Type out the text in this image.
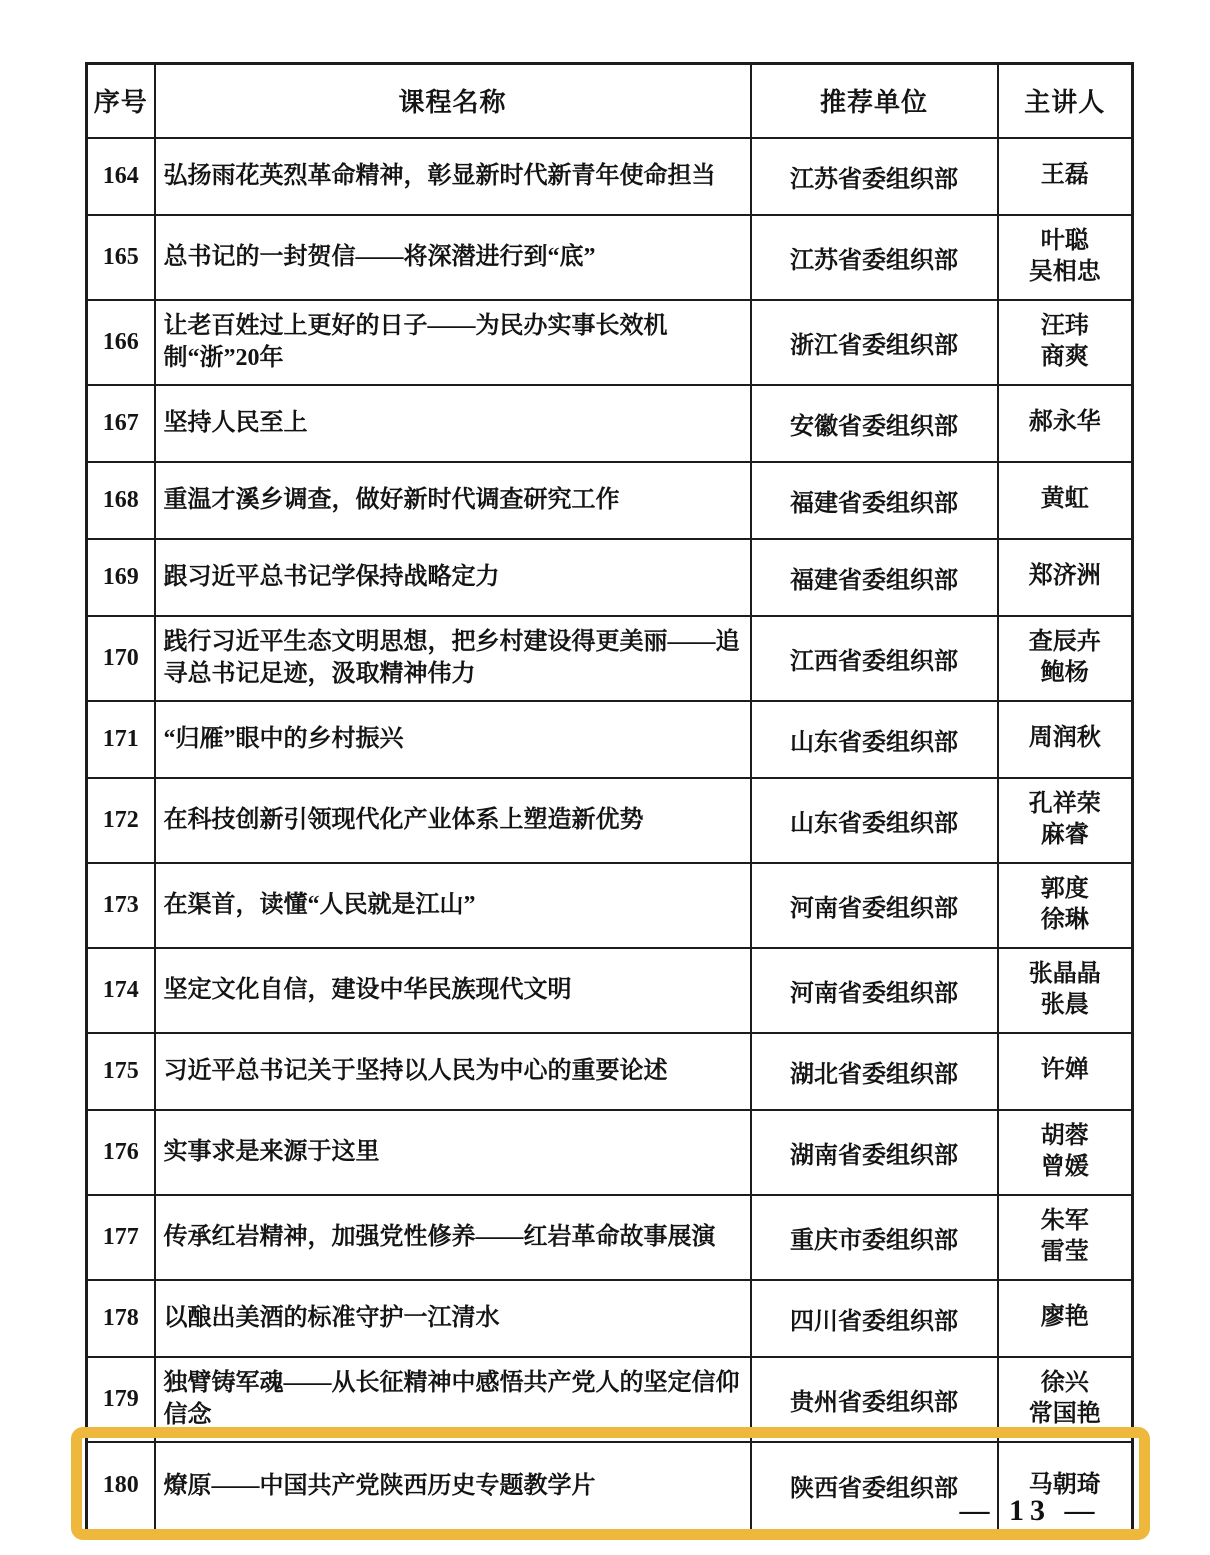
序号	课程名称	推荐单位	主讲人
164	弘扬雨花英烈革命精神，彰显新时代新青年使命担当	江苏省委组织部	王磊

165	总书记的一封贺信——将深潜进行到“底”	江苏省委组织部	叶聪
吴相忠

166	让老百姓过上更好的日子——为民办实事长效机制“浙”20年	浙江省委组织部	汪玮
商爽

167	坚持人民至上	安徽省委组织部	郝永华

168	重温才溪乡调查，做好新时代调查研究工作	福建省委组织部	黄虹

169	跟习近平总书记学保持战略定力	福建省委组织部	郑济洲

170	践行习近平生态文明思想，把乡村建设得更美丽——追寻总书记足迹，汲取精神伟力	江西省委组织部	查辰卉
鲍杨

171	“归雁”眼中的乡村振兴	山东省委组织部	周润秋

172	在科技创新引领现代化产业体系上塑造新优势	山东省委组织部	孔祥荣
麻睿

173	在渠首，读懂“人民就是江山”	河南省委组织部	郭度
徐琳

174	坚定文化自信，建设中华民族现代文明	河南省委组织部	张晶晶
张晨

175	习近平总书记关于坚持以人民为中心的重要论述	湖北省委组织部	许婵

176	实事求是来源于这里	湖南省委组织部	胡蓉
曾媛

177	传承红岩精神，加强党性修养——红岩革命故事展演	重庆市委组织部	朱军
雷莹

178	以酿出美酒的标准守护一江清水	四川省委组织部	廖艳

179	独臂铸军魂——从长征精神中感悟共产党人的坚定信仰信念	贵州省委组织部	徐兴
常国艳

180	燎原——中国共产党陕西历史专题教学片	陕西省委组织部	马朝琦
— 13 —
